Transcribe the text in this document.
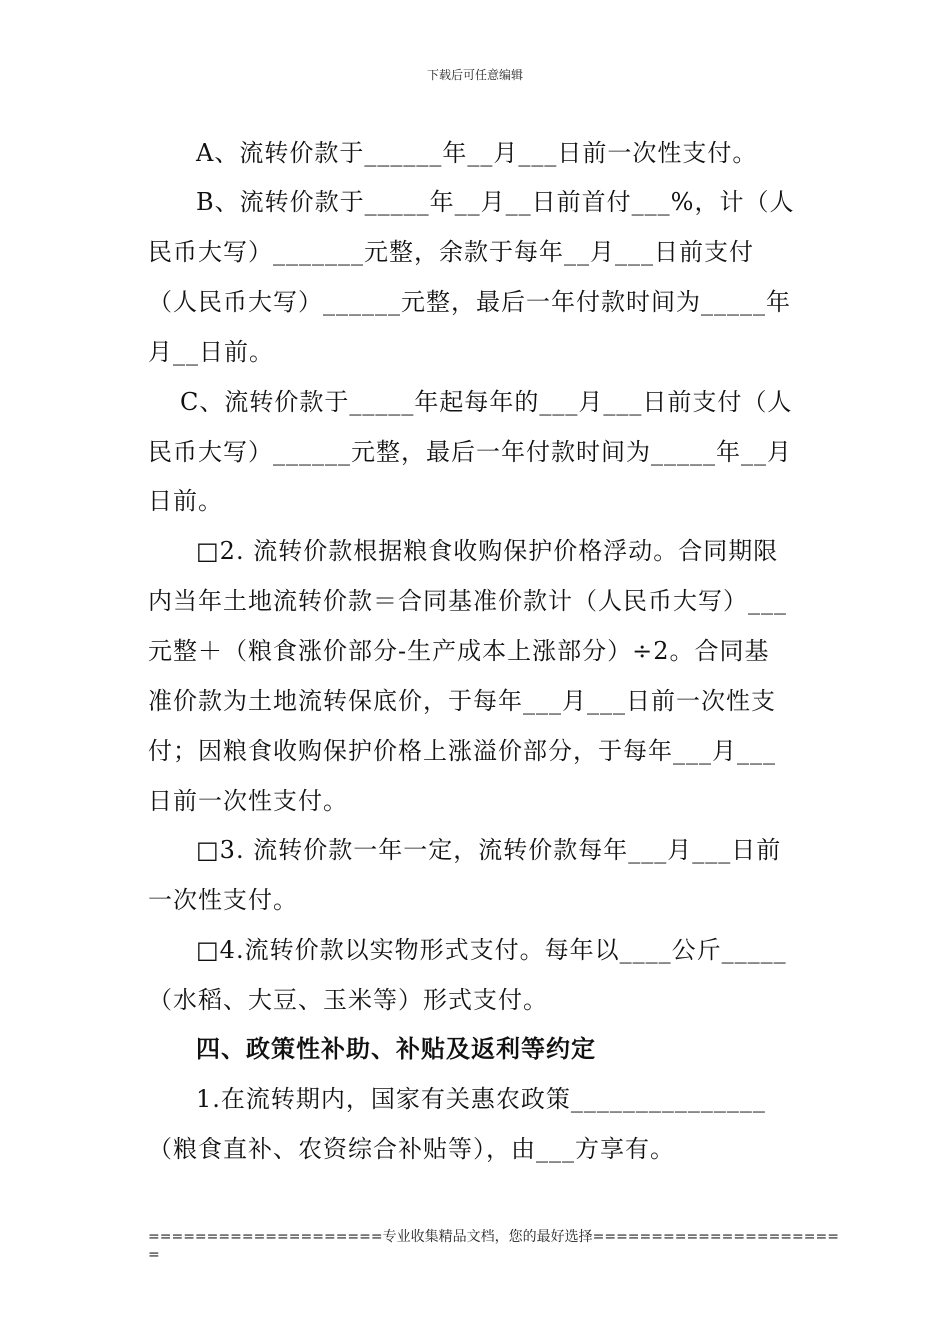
下载后可任意编辑
A、流转价款于______年__月___日前一次性支付。
B、流转价款于_____年__月__日前首付___%，计（人
民币大写）_______元整，余款于每年__月___日前支付
（人民币大写）______元整，最后一年付款时间为_____年
月__日前。
C、流转价款于_____年起每年的___月___日前支付（人
民币大写）______元整，最后一年付款时间为_____年__月
日前。
□2. 流转价款根据粮食收购保护价格浮动。合同期限
内当年土地流转价款＝合同基准价款计（人民币大写）___
元整＋（粮食涨价部分-生产成本上涨部分）÷2。合同基
准价款为土地流转保底价，于每年___月___日前一次性支
付；因粮食收购保护价格上涨溢价部分，于每年___月___
日前一次性支付。
□3. 流转价款一年一定，流转价款每年___月___日前
一次性支付。
□4.流转价款以实物形式支付。每年以____公斤_____
（水稻、大豆、玉米等）形式支付。
四、政策性补助、补贴及返利等约定
1.在流转期内，国家有关惠农政策_______________
（粮食直补、农资综合补贴等），由___方享有。
====================专业收集精品文档，您的最好选择=====================
=
